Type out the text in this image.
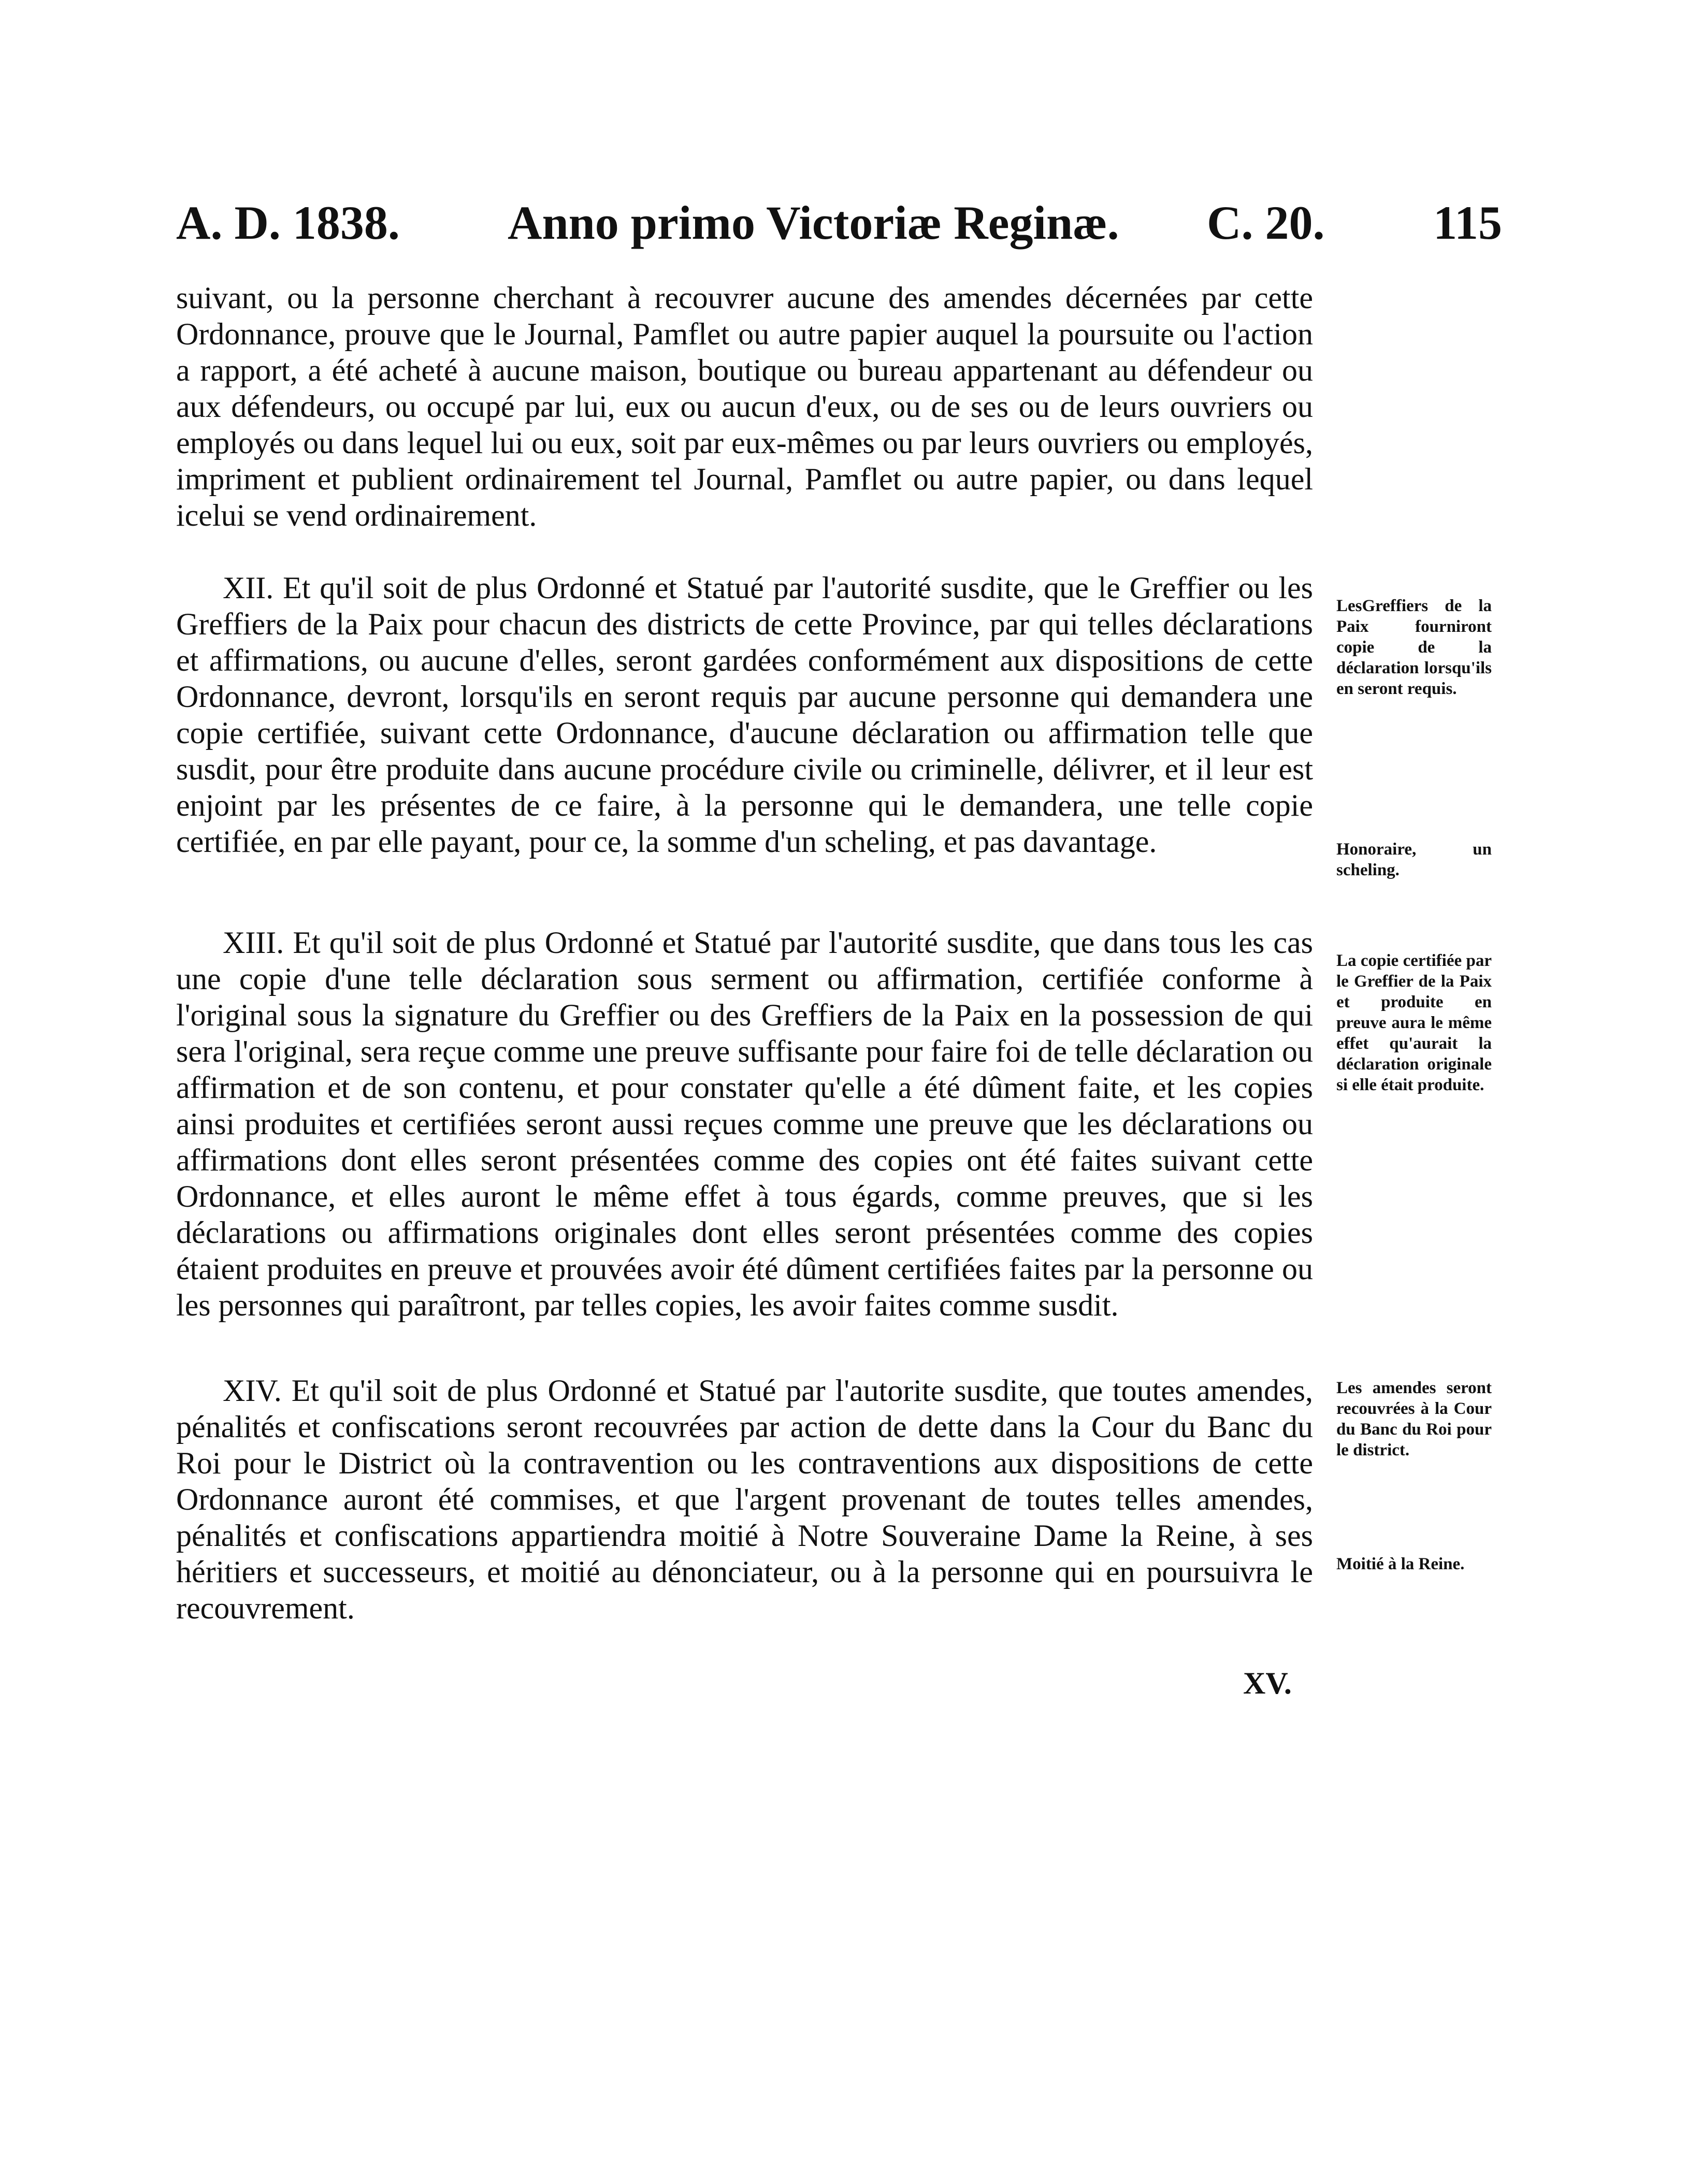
A. D. 1838. Anno primo Victoriæ Reginæ. C. 20. 115

suivant, ou la personne cherchant à recouvrer aucune des amendes décernées par cette Ordonnance, prouve que le Journal, Pamflet ou autre papier auquel la poursuite ou l'action a rapport, a été acheté à aucune maison, boutique ou bureau appartenant au défendeur ou aux défendeurs, ou occupé par lui, eux ou aucun d'eux, ou de ses ou de leurs ouvriers ou employés ou dans lequel lui ou eux, soit par eux-mêmes ou par leurs ouvriers ou employés, impriment et publient ordinairement tel Journal, Pamflet ou autre papier, ou dans lequel icelui se vend ordinairement.

XII. Et qu'il soit de plus Ordonné et Statué par l'autorité susdite, que le Greffier ou les Greffiers de la Paix pour chacun des districts de cette Province, par qui telles déclarations et affirmations, ou aucune d'elles, seront gardées conformément aux dispositions de cette Ordonnance, devront, lorsqu'ils en seront requis par aucune personne qui demandera une copie certifiée, suivant cette Ordonnance, d'aucune déclaration ou affirmation telle que susdit, pour être produite dans aucune procédure civile ou criminelle, délivrer, et il leur est enjoint par les présentes de ce faire, à la personne qui le demandera, une telle copie certifiée, en par elle payant, pour ce, la somme d'un scheling, et pas davantage.

XIII. Et qu'il soit de plus Ordonné et Statué par l'autorité susdite, que dans tous les cas une copie d'une telle déclaration sous serment ou affirmation, certifiée conforme à l'original sous la signature du Greffier ou des Greffiers de la Paix en la possession de qui sera l'original, sera reçue comme une preuve suffisante pour faire foi de telle déclaration ou affirmation et de son contenu, et pour constater qu'elle a été dûment faite, et les copies ainsi produites et certifiées seront aussi reçues comme une preuve que les déclarations ou affirmations dont elles seront présentées comme des copies ont été faites suivant cette Ordonnance, et elles auront le même effet à tous égards, comme preuves, que si les déclarations ou affirmations originales dont elles seront présentées comme des copies étaient produites en preuve et prouvées avoir été dûment certifiées faites par la personne ou les personnes qui paraîtront, par telles copies, les avoir faites comme susdit.

XIV. Et qu'il soit de plus Ordonné et Statué par l'autorite susdite, que toutes amendes, pénalités et confiscations seront recouvrées par action de dette dans la Cour du Banc du Roi pour le District où la contravention ou les contraventions aux dispositions de cette Ordonnance auront été commises, et que l'argent provenant de toutes telles amendes, pénalités et confiscations appartiendra moitié à Notre Souveraine Dame la Reine, à ses héritiers et successeurs, et moitié au dénonciateur, ou à la personne qui en poursuivra le recouvrement.

LesGreffiers de la Paix fourniront copie de la déclaration lorsqu'ils en seront requis.
Honoraire, un scheling.
La copie certifiée par le Greffier de la Paix et produite en preuve aura le même effet qu'aurait la déclaration originale si elle était produite.
Les amendes seront recouvrées à la Cour du Banc du Roi pour le district.
Moitié à la Reine.
XV.
